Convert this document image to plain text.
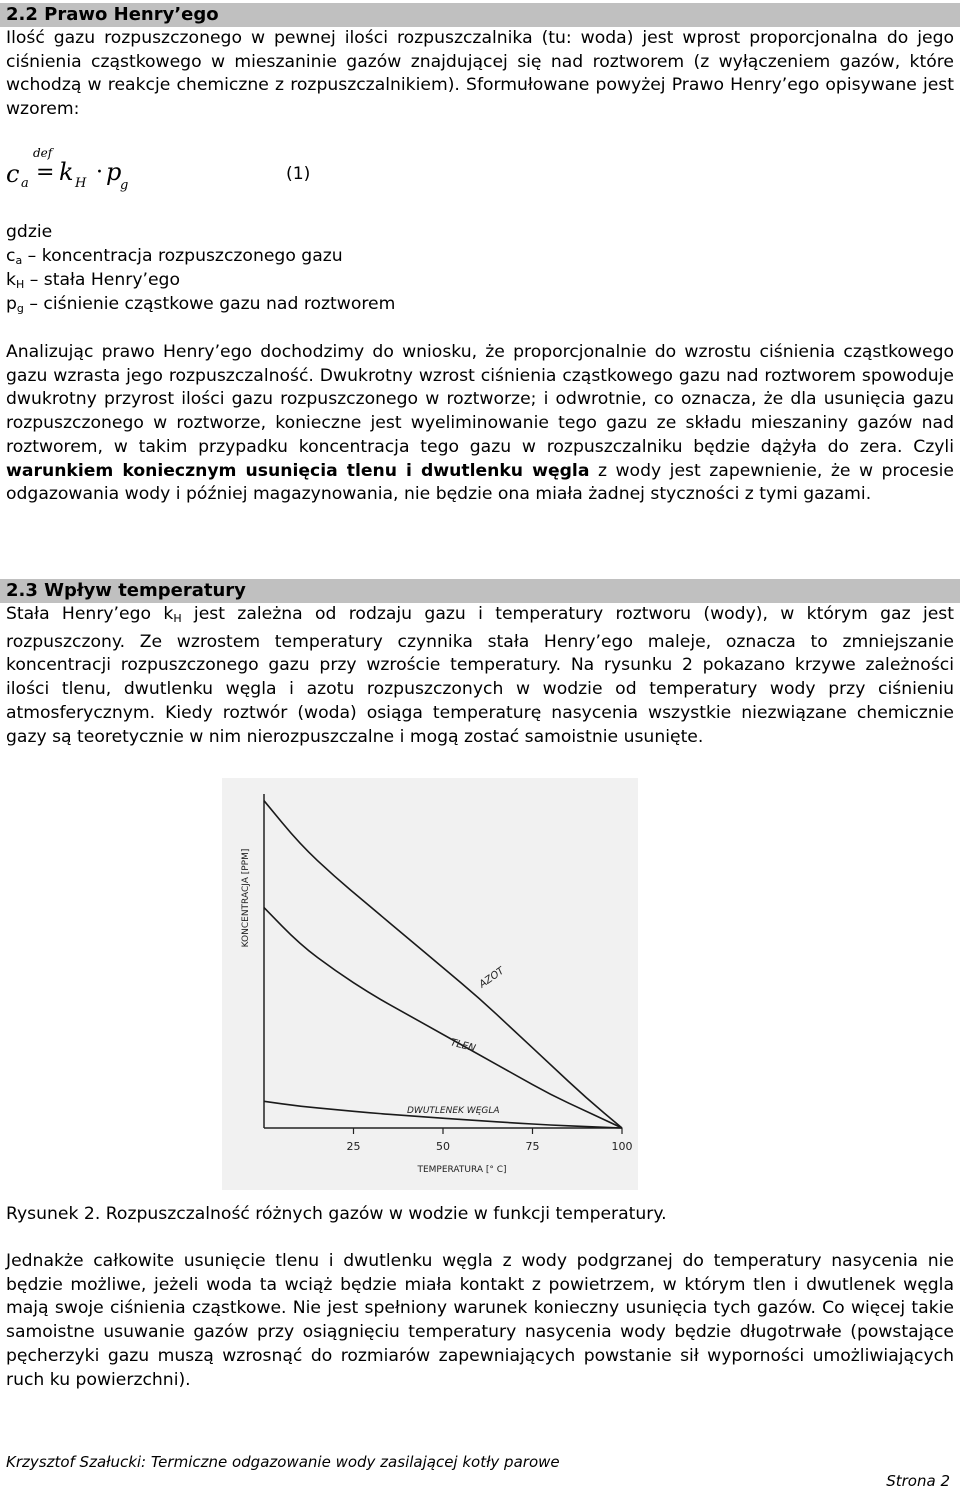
2.2 Prawo Henry’ego
Ilość gazu rozpuszczonego w pewnej ilości rozpuszczalnika (tu: woda) jest wprost proporcjonalna do jego ciśnienia cząstkowego w mieszaninie gazów znajdującej się nad roztworem (z wyłączeniem gazów, które wchodzą w reakcje chemiczne z rozpuszczalnikiem). Sformułowane powyżej Prawo Henry’ego opisywane jest wzorem:
c a
def
= k H · p
g
(1)
gdzie
$c_a$ – koncentracja rozpuszczonego gazu
$k_H$ – stała Henry’ego
$p_g$ – ciśnienie cząstkowe gazu nad roztworem
Analizując prawo Henry’ego dochodzimy do wniosku, że proporcjonalnie do wzrostu ciśnienia cząstkowego gazu wzrasta jego rozpuszczalność. Dwukrotny wzrost ciśnienia cząstkowego gazu nad roztworem spowoduje dwukrotny przyrost ilości gazu rozpuszczonego w roztworze; i odwrotnie, co oznacza, że dla usunięcia gazu rozpuszczonego w roztworze, konieczne jest wyeliminowanie tego gazu ze składu mieszaniny gazów nad roztworem, w takim przypadku koncentracja tego gazu w rozpuszczalniku będzie dążyła do zera. Czyli warunkiem koniecznym usunięcia tlenu i dwutlenku węgla z wody jest zapewnienie, że w procesie odgazowania wody i później magazynowania, nie będzie ona miała żadnej styczności z tymi gazami.
2.3 Wpływ temperatury
Stała Henry’ego $k_H$ jest zależna od rodzaju gazu i temperatury roztworu (wody), w którym gaz jest rozpuszczony. Ze wzrostem temperatury czynnika stała Henry’ego maleje, oznacza to zmniejszanie koncentracji rozpuszczonego gazu przy wzroście temperatury. Na rysunku 2 pokazano krzywe zależności ilości tlenu, dwutlenku węgla i azotu rozpuszczonych w wodzie od temperatury wody przy ciśnieniu atmosferycznym. Kiedy roztwór (woda) osiąga temperaturę nasycenia wszystkie niezwiązane chemicznie gazy są teoretycznie w nim nierozpuszczalne i mogą zostać samoistnie usunięte.
KONCENTRACJA [PPM]
TEMPERATURA [° C]
25	50	75	100
AZOT
TLEN
DWUTLENEK WĘGLA
Rysunek 2. Rozpuszczalność różnych gazów w wodzie w funkcji temperatury.
Jednakże całkowite usunięcie tlenu i dwutlenku węgla z wody podgrzanej do temperatury nasycenia nie będzie możliwe, jeżeli woda ta wciąż będzie miała kontakt z powietrzem, w którym tlen i dwutlenek węgla mają swoje ciśnienia cząstkowe. Nie jest spełniony warunek konieczny usunięcia tych gazów. Co więcej takie samoistne usuwanie gazów przy osiągnięciu temperatury nasycenia wody będzie długotrwałe (powstające pęcherzyki gazu muszą wzrosnąć do rozmiarów zapewniających powstanie sił wyporności umożliwiających ruch ku powierzchni).
Krzysztof Szałucki: Termiczne odgazowanie wody zasilającej kotły parowe
Strona 2
